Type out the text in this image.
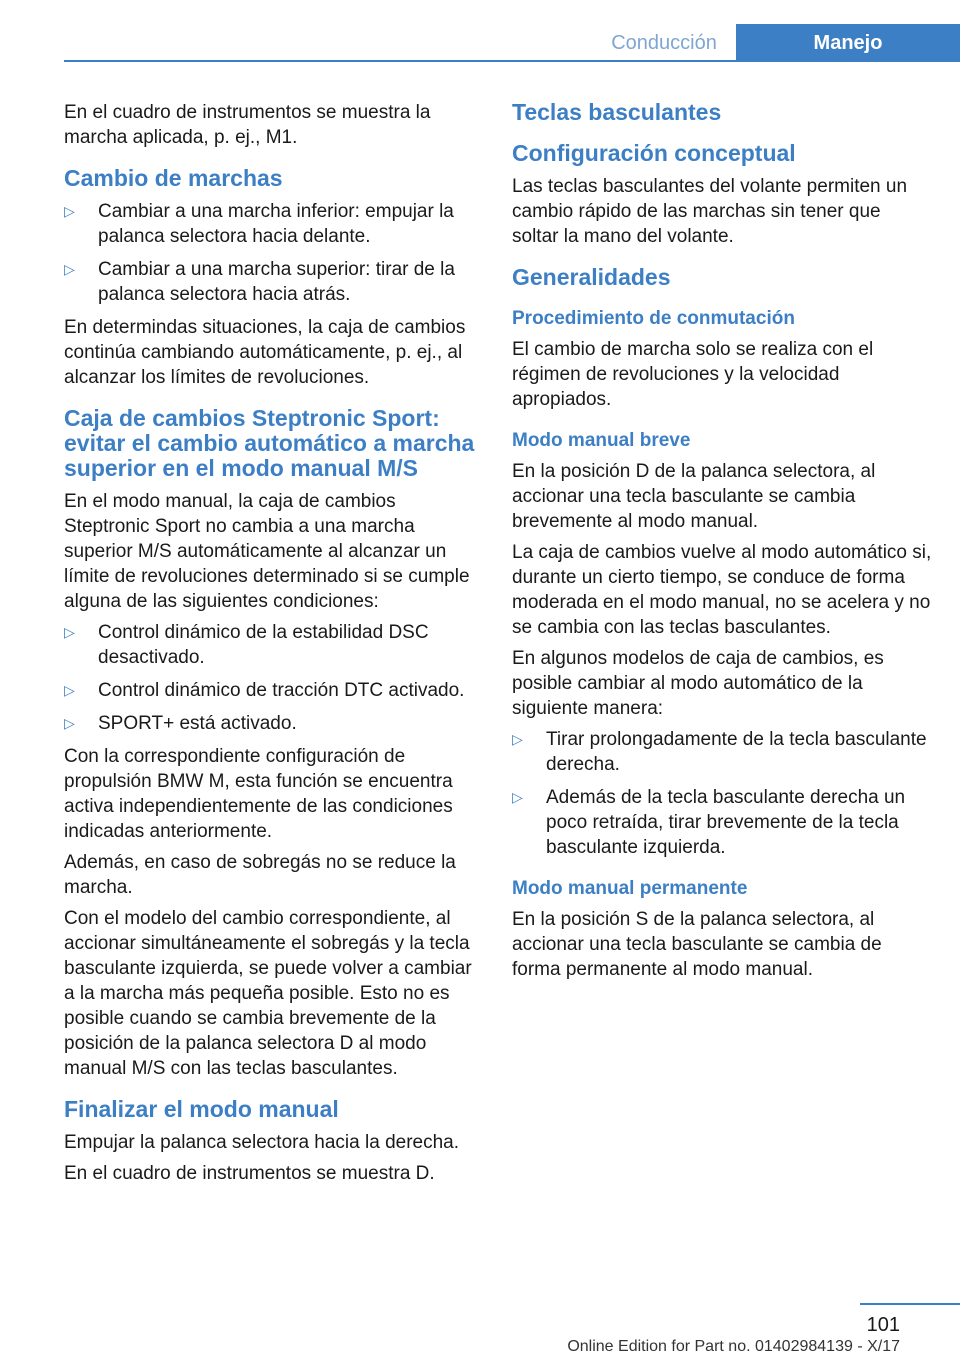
Conducción	Manejo

En el cuadro de instrumentos se muestra la marcha aplicada, p. ej., M1.

Cambio de marchas
▷ Cambiar a una marcha inferior: empujar la palanca selectora hacia delante.
▷ Cambiar a una marcha superior: tirar de la palanca selectora hacia atrás.

En determindas situaciones, la caja de cambios continúa cambiando automáticamente, p. ej., al alcanzar los límites de revoluciones.

Caja de cambios Steptronic Sport: evitar el cambio automático a marcha superior en el modo manual M/S

En el modo manual, la caja de cambios Steptronic Sport no cambia a una marcha superior M/S automáticamente al alcanzar un límite de revoluciones determinado si se cumple alguna de las siguientes condiciones:

▷ Control dinámico de la estabilidad DSC desactivado.
▷ Control dinámico de tracción DTC activado.
▷ SPORT+ está activado.

Con la correspondiente configuración de propulsión BMW M, esta función se encuentra activa independientemente de las condiciones indicadas anteriormente.

Además, en caso de sobregás no se reduce la marcha.

Con el modelo del cambio correspondiente, al accionar simultáneamente el sobregás y la tecla basculante izquierda, se puede volver a cambiar a la marcha más pequeña posible. Esto no es posible cuando se cambia brevemente de la posición de la palanca selectora D al modo manual M/S con las teclas basculantes.

Finalizar el modo manual

Empujar la palanca selectora hacia la derecha.

En el cuadro de instrumentos se muestra D.

Teclas basculantes
Configuración conceptual

Las teclas basculantes del volante permiten un cambio rápido de las marchas sin tener que soltar la mano del volante.

Generalidades
Procedimiento de conmutación

El cambio de marcha solo se realiza con el régimen de revoluciones y la velocidad apropiados.

Modo manual breve

En la posición D de la palanca selectora, al accionar una tecla basculante se cambia brevemente al modo manual.

La caja de cambios vuelve al modo automático si, durante un cierto tiempo, se conduce de forma moderada en el modo manual, no se acelera y no se cambia con las teclas basculantes.

En algunos modelos de caja de cambios, es posible cambiar al modo automático de la siguiente manera:

▷ Tirar prolongadamente de la tecla basculante derecha.
▷ Además de la tecla basculante derecha un poco retraída, tirar brevemente de la tecla basculante izquierda.
Modo manual permanente

En la posición S de la palanca selectora, al accionar una tecla basculante se cambia de forma permanente al modo manual.

101
Online Edition for Part no. 01402984139 - X/17
